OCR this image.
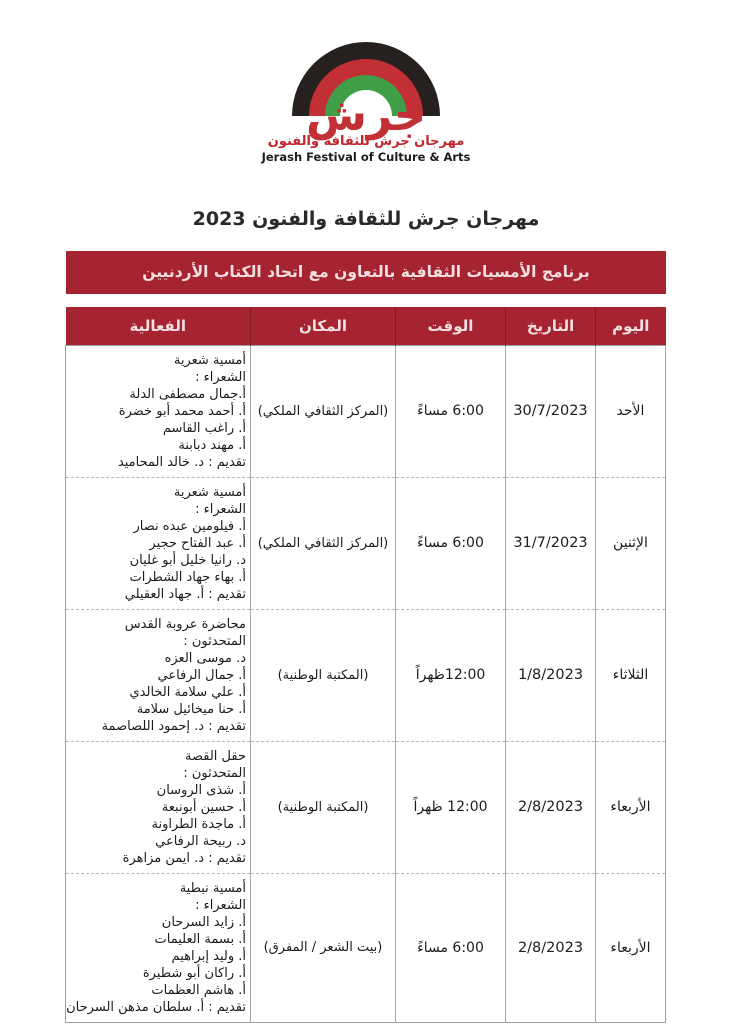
جرش
مهرجان جرش للثقافة والفنون
Jerash Festival of Culture & Arts
مهرجان جرش للثقافة والفنون 2023
برنامج الأمسيات الثقافية بالتعاون مع اتحاد الكتاب الأردنيين
اليوم	التاريخ	الوقت	المكان	الفعالية
الأحد	30/7/2023	6:00 مساءً	(المركز الثقافي الملكي)	
أمسية شعرية
الشعراء :
أ.جمال مصطفى الدلة
أ. أحمد محمد أبو خضرة
أ. راغب القاسم
أ. مهند دبابنة
تقديم : د. خالد المحاميد

الإثنين	31/7/2023	6:00 مساءً	(المركز الثقافي الملكي)	
أمسية شعرية
الشعراء :
أ. فيلومين عبده نصار
أ. عبد الفتاح حجير
د. رانيا خليل أبو غليان
أ. بهاء جهاد الشطرات
تقديم : أ. جهاد العقيلي

الثلاثاء	1/8/2023	12:00ظهراً	(المكتبة الوطنية)	
محاضرة عروبة القدس
المتحدثون :
د. موسى العزه
أ. جمال الرفاعي
أ. علي سلامة الخالدي
أ. حنا ميخائيل سلامة
تقديم : د. إحمود اللصاصمة

الأربعاء	2/8/2023	12:00 ظهراً	(المكتبة الوطنية)	
حقل القصة
المتحدثون :
أ. شذى الروسان
أ. حسين أبونبعة
أ. ماجدة الطراونة
د. ربيحة الرفاعي
تقديم : د. ايمن مزاهرة

الأربعاء	2/8/2023	6:00 مساءً	(بيت الشعر / المفرق)	
أمسية نبطية
الشعراء :
أ. زايد السرحان
أ. بسمة العليمات
أ. وليد إبراهيم
أ. راكان أبو شطيرة
أ. هاشم العظمات
تقديم : أ. سلطان مذهن السرحان
